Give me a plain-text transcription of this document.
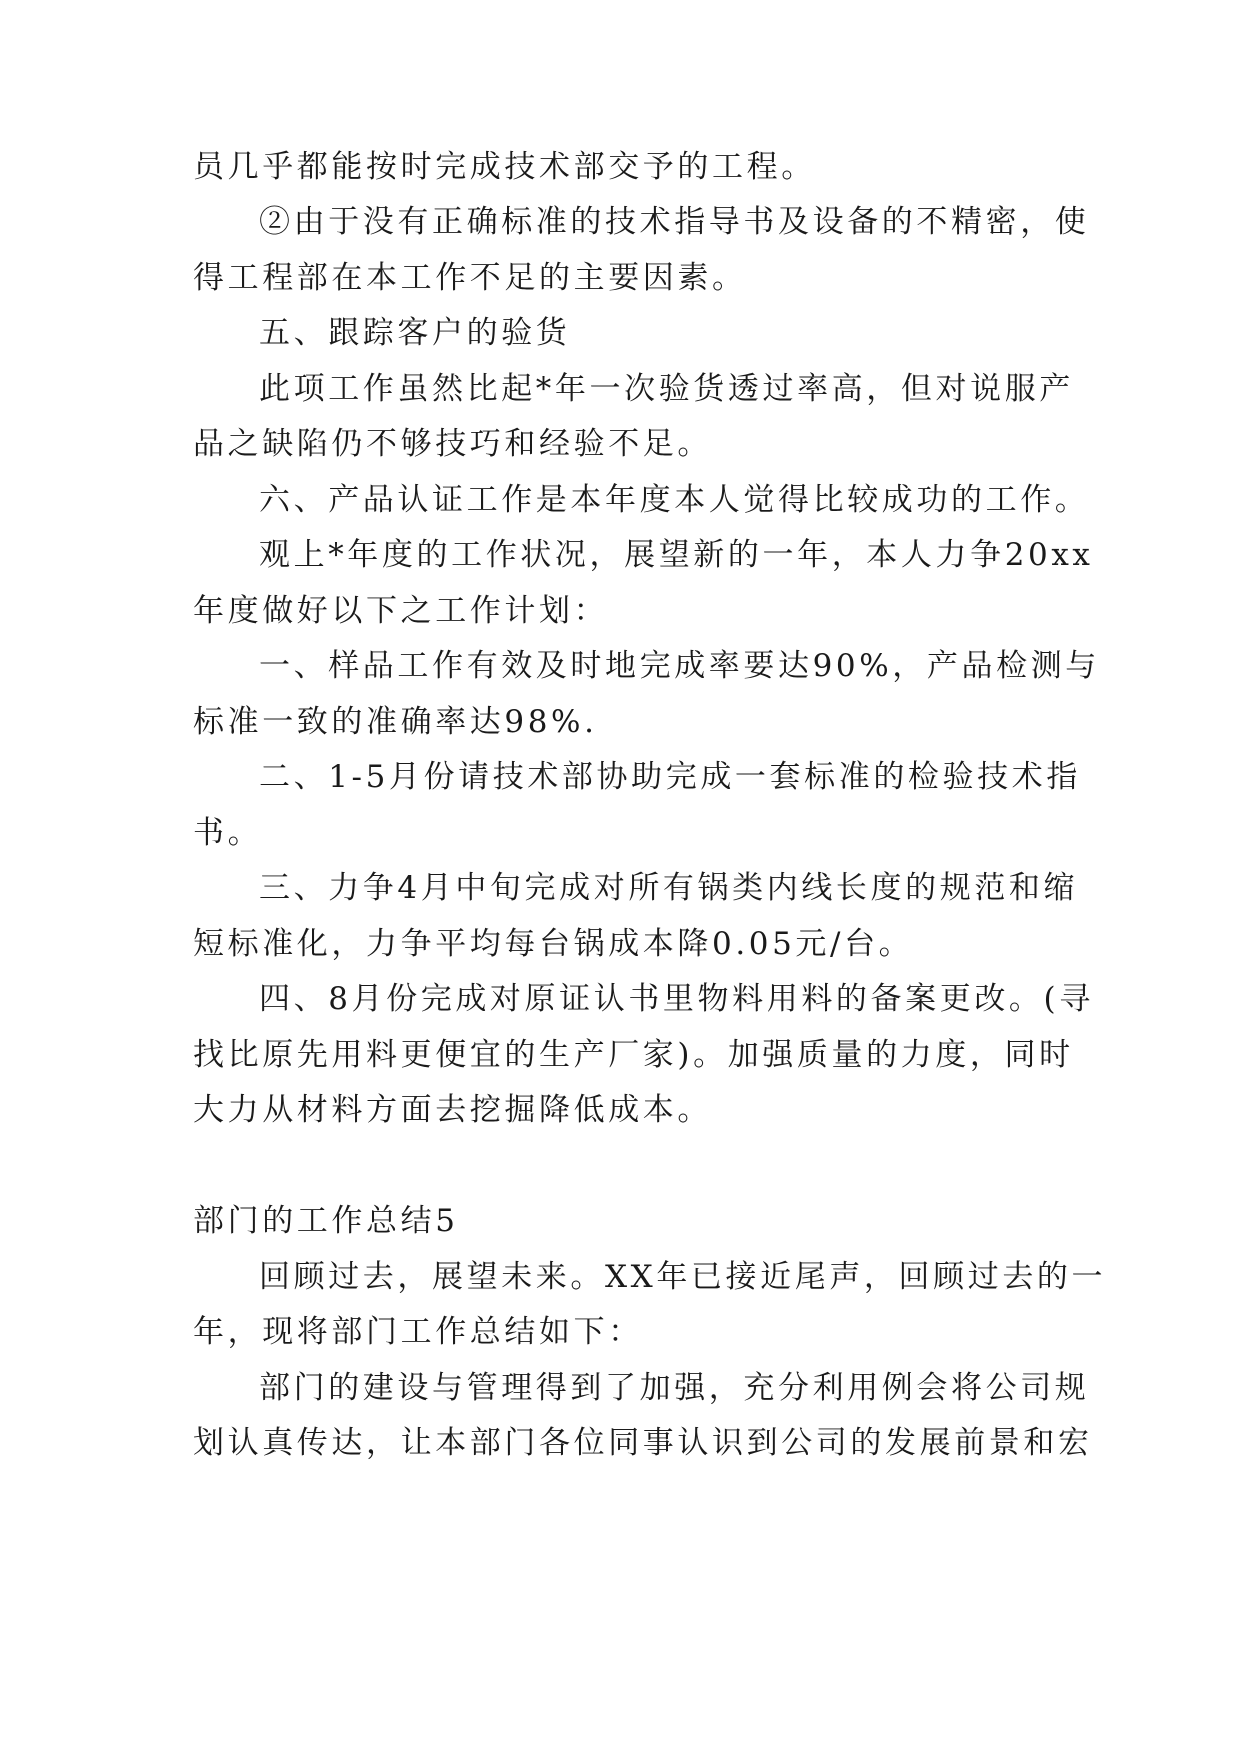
员几乎都能按时完成技术部交予的工程。
②由于没有正确标准的技术指导书及设备的不精密，使
得工程部在本工作不足的主要因素。
五、跟踪客户的验货
此项工作虽然比起*年一次验货透过率高，但对说服产
品之缺陷仍不够技巧和经验不足。
六、产品认证工作是本年度本人觉得比较成功的工作。
观上*年度的工作状况，展望新的一年，本人力争20xx
年度做好以下之工作计划：
一、样品工作有效及时地完成率要达90%，产品检测与
标准一致的准确率达98%.
二、1-5月份请技术部协助完成一套标准的检验技术指
书。
三、力争4月中旬完成对所有锅类内线长度的规范和缩
短标准化，力争平均每台锅成本降0.05元/台。
四、8月份完成对原证认书里物料用料的备案更改。(寻
找比原先用料更便宜的生产厂家)。加强质量的力度，同时
大力从材料方面去挖掘降低成本。
部门的工作总结5
回顾过去，展望未来。XX年已接近尾声，回顾过去的一
年，现将部门工作总结如下：
部门的建设与管理得到了加强，充分利用例会将公司规
划认真传达，让本部门各位同事认识到公司的发展前景和宏
